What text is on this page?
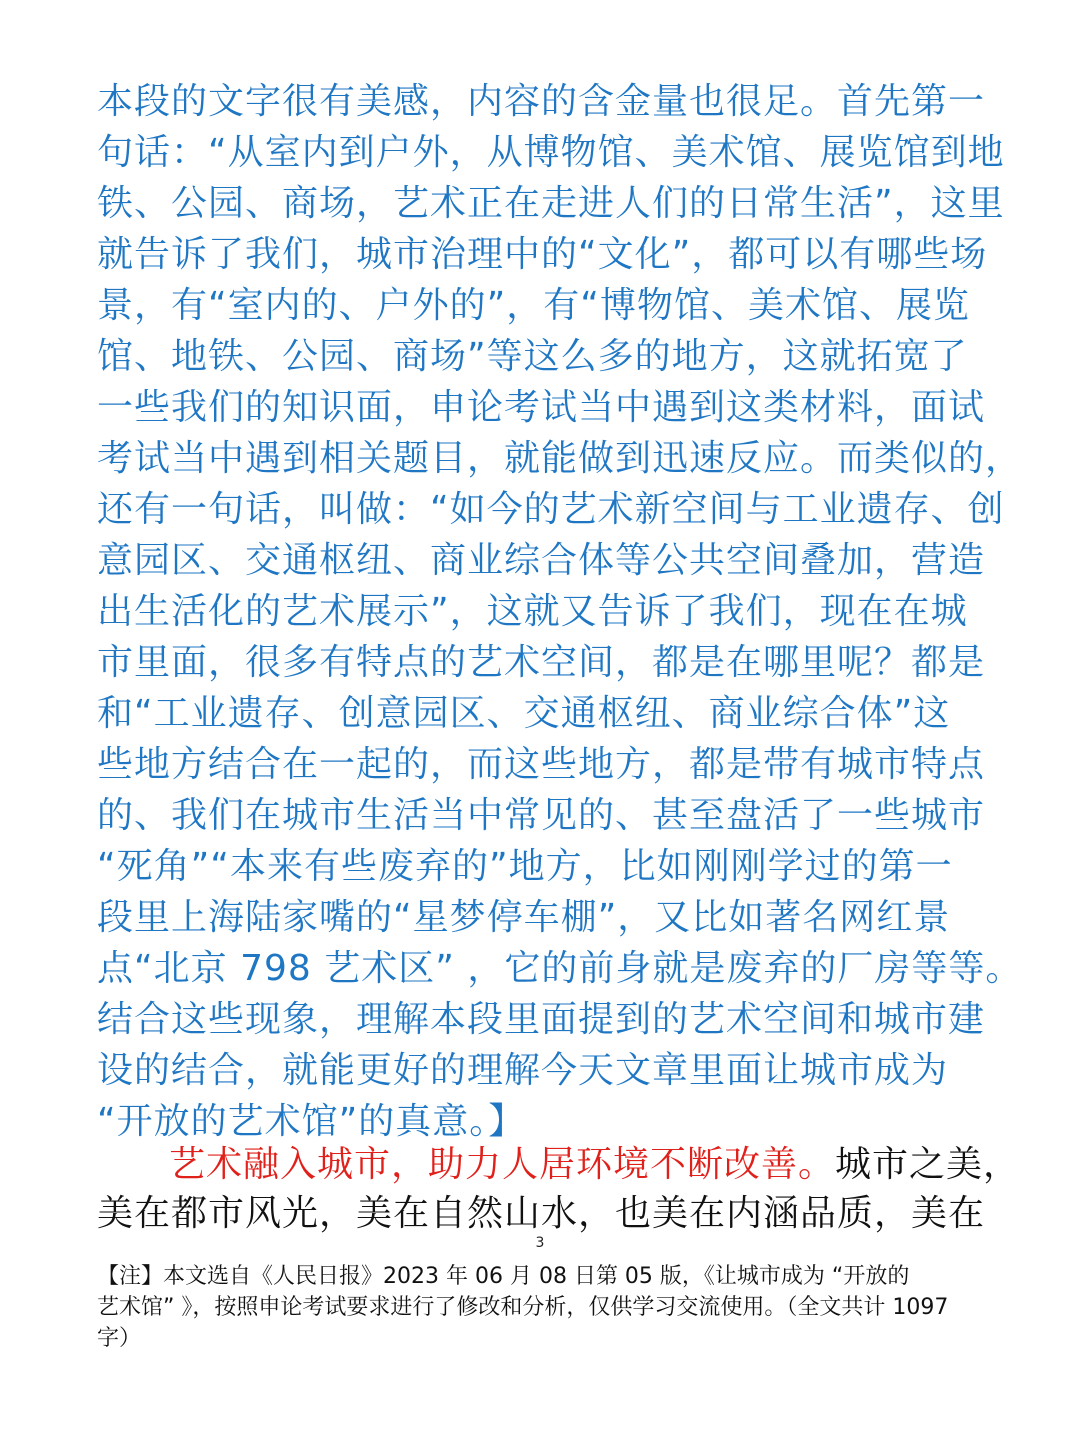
本段的文字很有美感，内容的含金量也很足。首先第一
句话：“从室内到户外，从博物馆、美术馆、展览馆到地
铁、公园、商场，艺术正在走进人们的日常生活”，这里
就告诉了我们，城市治理中的“文化”，都可以有哪些场
景，有“室内的、户外的”，有“博物馆、美术馆、展览
馆、地铁、公园、商场”等这么多的地方，这就拓宽了
一些我们的知识面，申论考试当中遇到这类材料，面试
考试当中遇到相关题目，就能做到迅速反应。而类似的，
还有一句话，叫做：“如今的艺术新空间与工业遗存、创
意园区、交通枢纽、商业综合体等公共空间叠加，营造
出生活化的艺术展示”，这就又告诉了我们，现在在城
市里面，很多有特点的艺术空间，都是在哪里呢？都是
和“工业遗存、创意园区、交通枢纽、商业综合体”这
些地方结合在一起的，而这些地方，都是带有城市特点
的、我们在城市生活当中常见的、甚至盘活了一些城市
“死角”“本来有些废弃的”地方，比如刚刚学过的第一
段里上海陆家嘴的“星梦停车棚”，又比如著名网红景
点“北京 798 艺术区” ，它的前身就是废弃的厂房等等。
结合这些现象，理解本段里面提到的艺术空间和城市建
设的结合，就能更好的理解今天文章里面让城市成为
“开放的艺术馆”的真意。】
艺术融入城市，助力人居环境不断改善。城市之美，
美在都市风光，美在自然山水，也美在内涵品质，美在
3
【注】本文选自《人民日报》2023 年 06 月 08 日第 05 版，《让城市成为 “开放的
艺术馆” 》，按照申论考试要求进行了修改和分析，仅供学习交流使用。（全文共计 1097
字）
